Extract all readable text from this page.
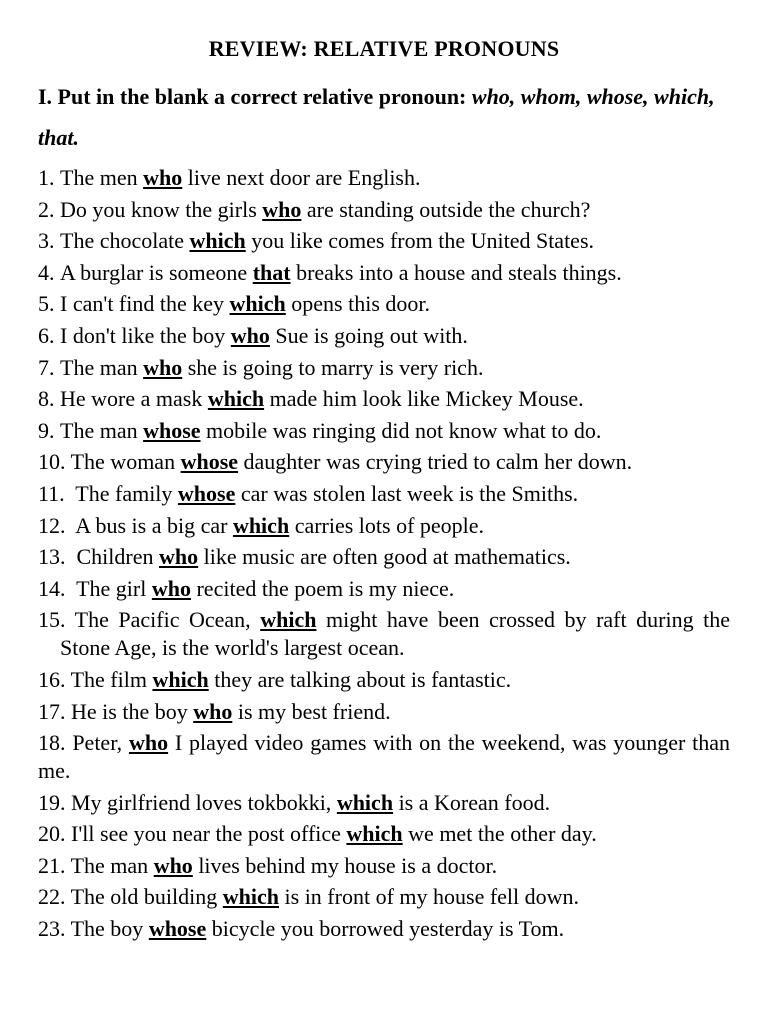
REVIEW: RELATIVE PRONOUNS
I. Put in the blank a correct relative pronoun: who, whom, whose, which, that.
1. The men who live next door are English.
2. Do you know the girls who are standing outside the church?
3. The chocolate which you like comes from the United States.
4. A burglar is someone that breaks into a house and steals things.
5. I can't find the key which opens this door.
6. I don't like the boy who Sue is going out with.
7. The man who she is going to marry is very rich.
8. He wore a mask which made him look like Mickey Mouse.
9. The man whose mobile was ringing did not know what to do.
10. The woman whose daughter was crying tried to calm her down.
11.  The family whose car was stolen last week is the Smiths.
12.  A bus is a big car which carries lots of people.
13.  Children who like music are often good at mathematics.
14.  The girl who recited the poem is my niece.
15. The Pacific Ocean, which might have been crossed by raft during the Stone Age, is the world's largest ocean.
16. The film which they are talking about is fantastic.
17. He is the boy who is my best friend.
18. Peter, who I played video games with on the weekend, was younger than me.
19. My girlfriend loves tokbokki, which is a Korean food.
20. I'll see you near the post office which we met the other day.
21. The man who lives behind my house is a doctor.
22. The old building which is in front of my house fell down.
23. The boy whose bicycle you borrowed yesterday is Tom.
